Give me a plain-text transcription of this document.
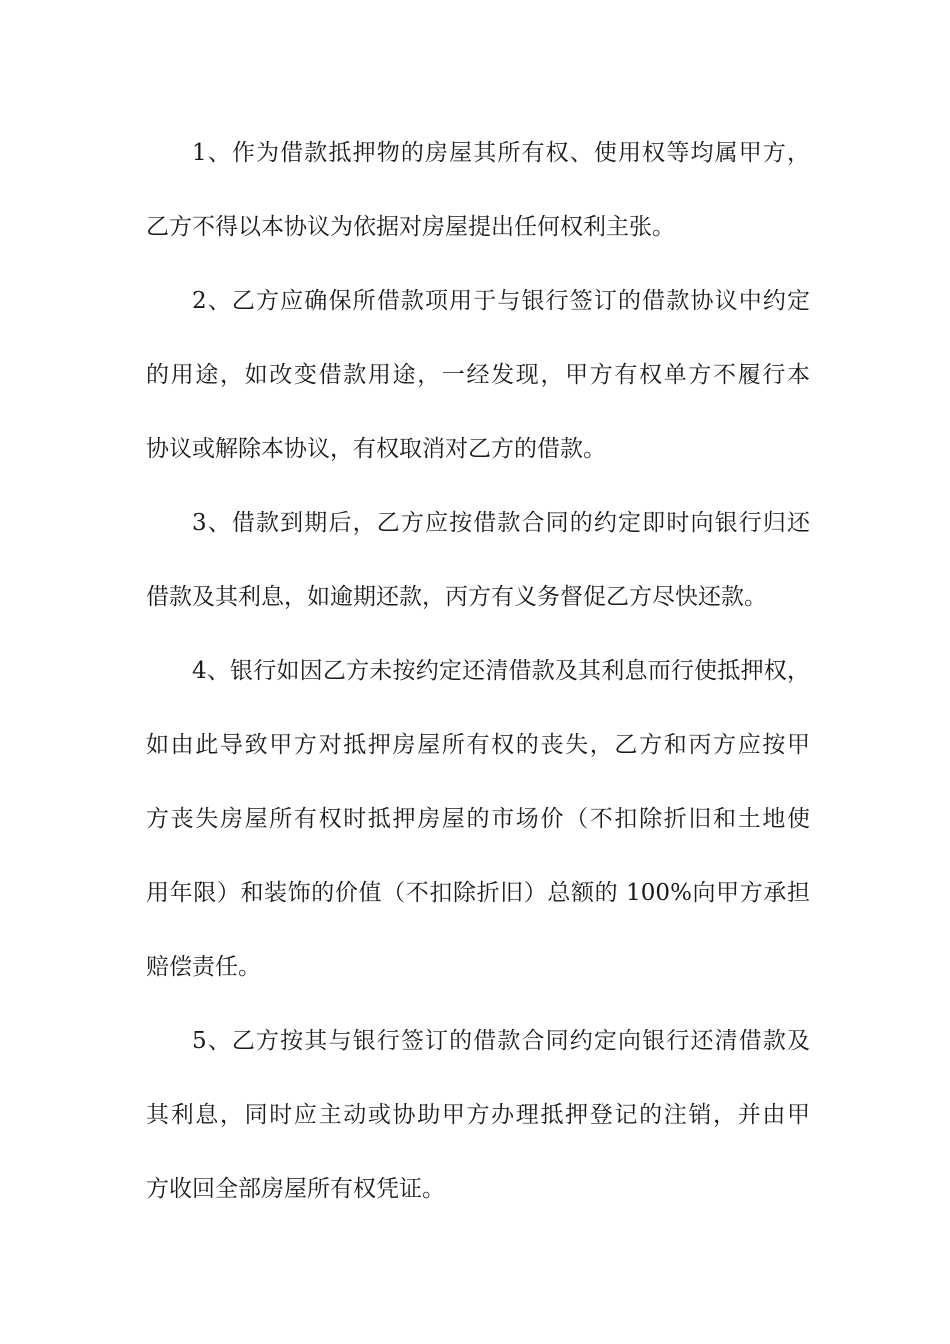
1、作为借款抵押物的房屋其所有权、使用权等均属甲方，
乙方不得以本协议为依据对房屋提出任何权利主张。

2、乙方应确保所借款项用于与银行签订的借款协议中约定
的用途，如改变借款用途，一经发现，甲方有权单方不履行本
协议或解除本协议，有权取消对乙方的借款。

3、借款到期后，乙方应按借款合同的约定即时向银行归还
借款及其利息，如逾期还款，丙方有义务督促乙方尽快还款。

4、银行如因乙方未按约定还清借款及其利息而行使抵押权，
如由此导致甲方对抵押房屋所有权的丧失，乙方和丙方应按甲
方丧失房屋所有权时抵押房屋的市场价（不扣除折旧和土地使
用年限）和装饰的价值（不扣除折旧）总额的 100%向甲方承担
赔偿责任。

5、乙方按其与银行签订的借款合同约定向银行还清借款及
其利息，同时应主动或协助甲方办理抵押登记的注销，并由甲
方收回全部房屋所有权凭证。
